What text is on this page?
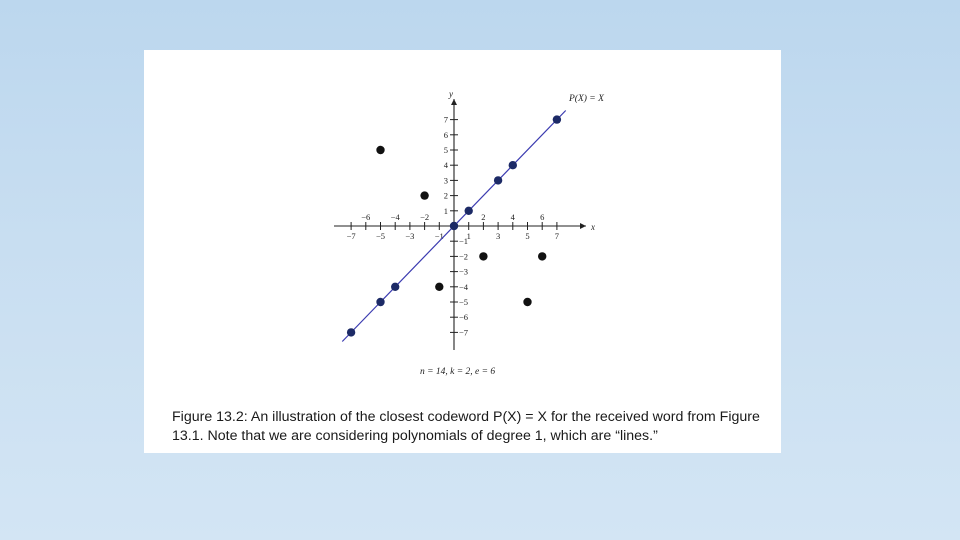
x
y
−6 −4 −2	2	4	6
−7 −5 −3 −1	1	3	5	7
7
6
5
4
3
2
1
−1
−2
−3
−4
−5
−6
−7
P(X) = X
n = 14, k = 2, e = 6

Figure 13.2: An illustration of the closest codeword P(X) = X for the received word from Figure 13.1. Note that we are considering polynomials of degree 1, which are “lines.”
